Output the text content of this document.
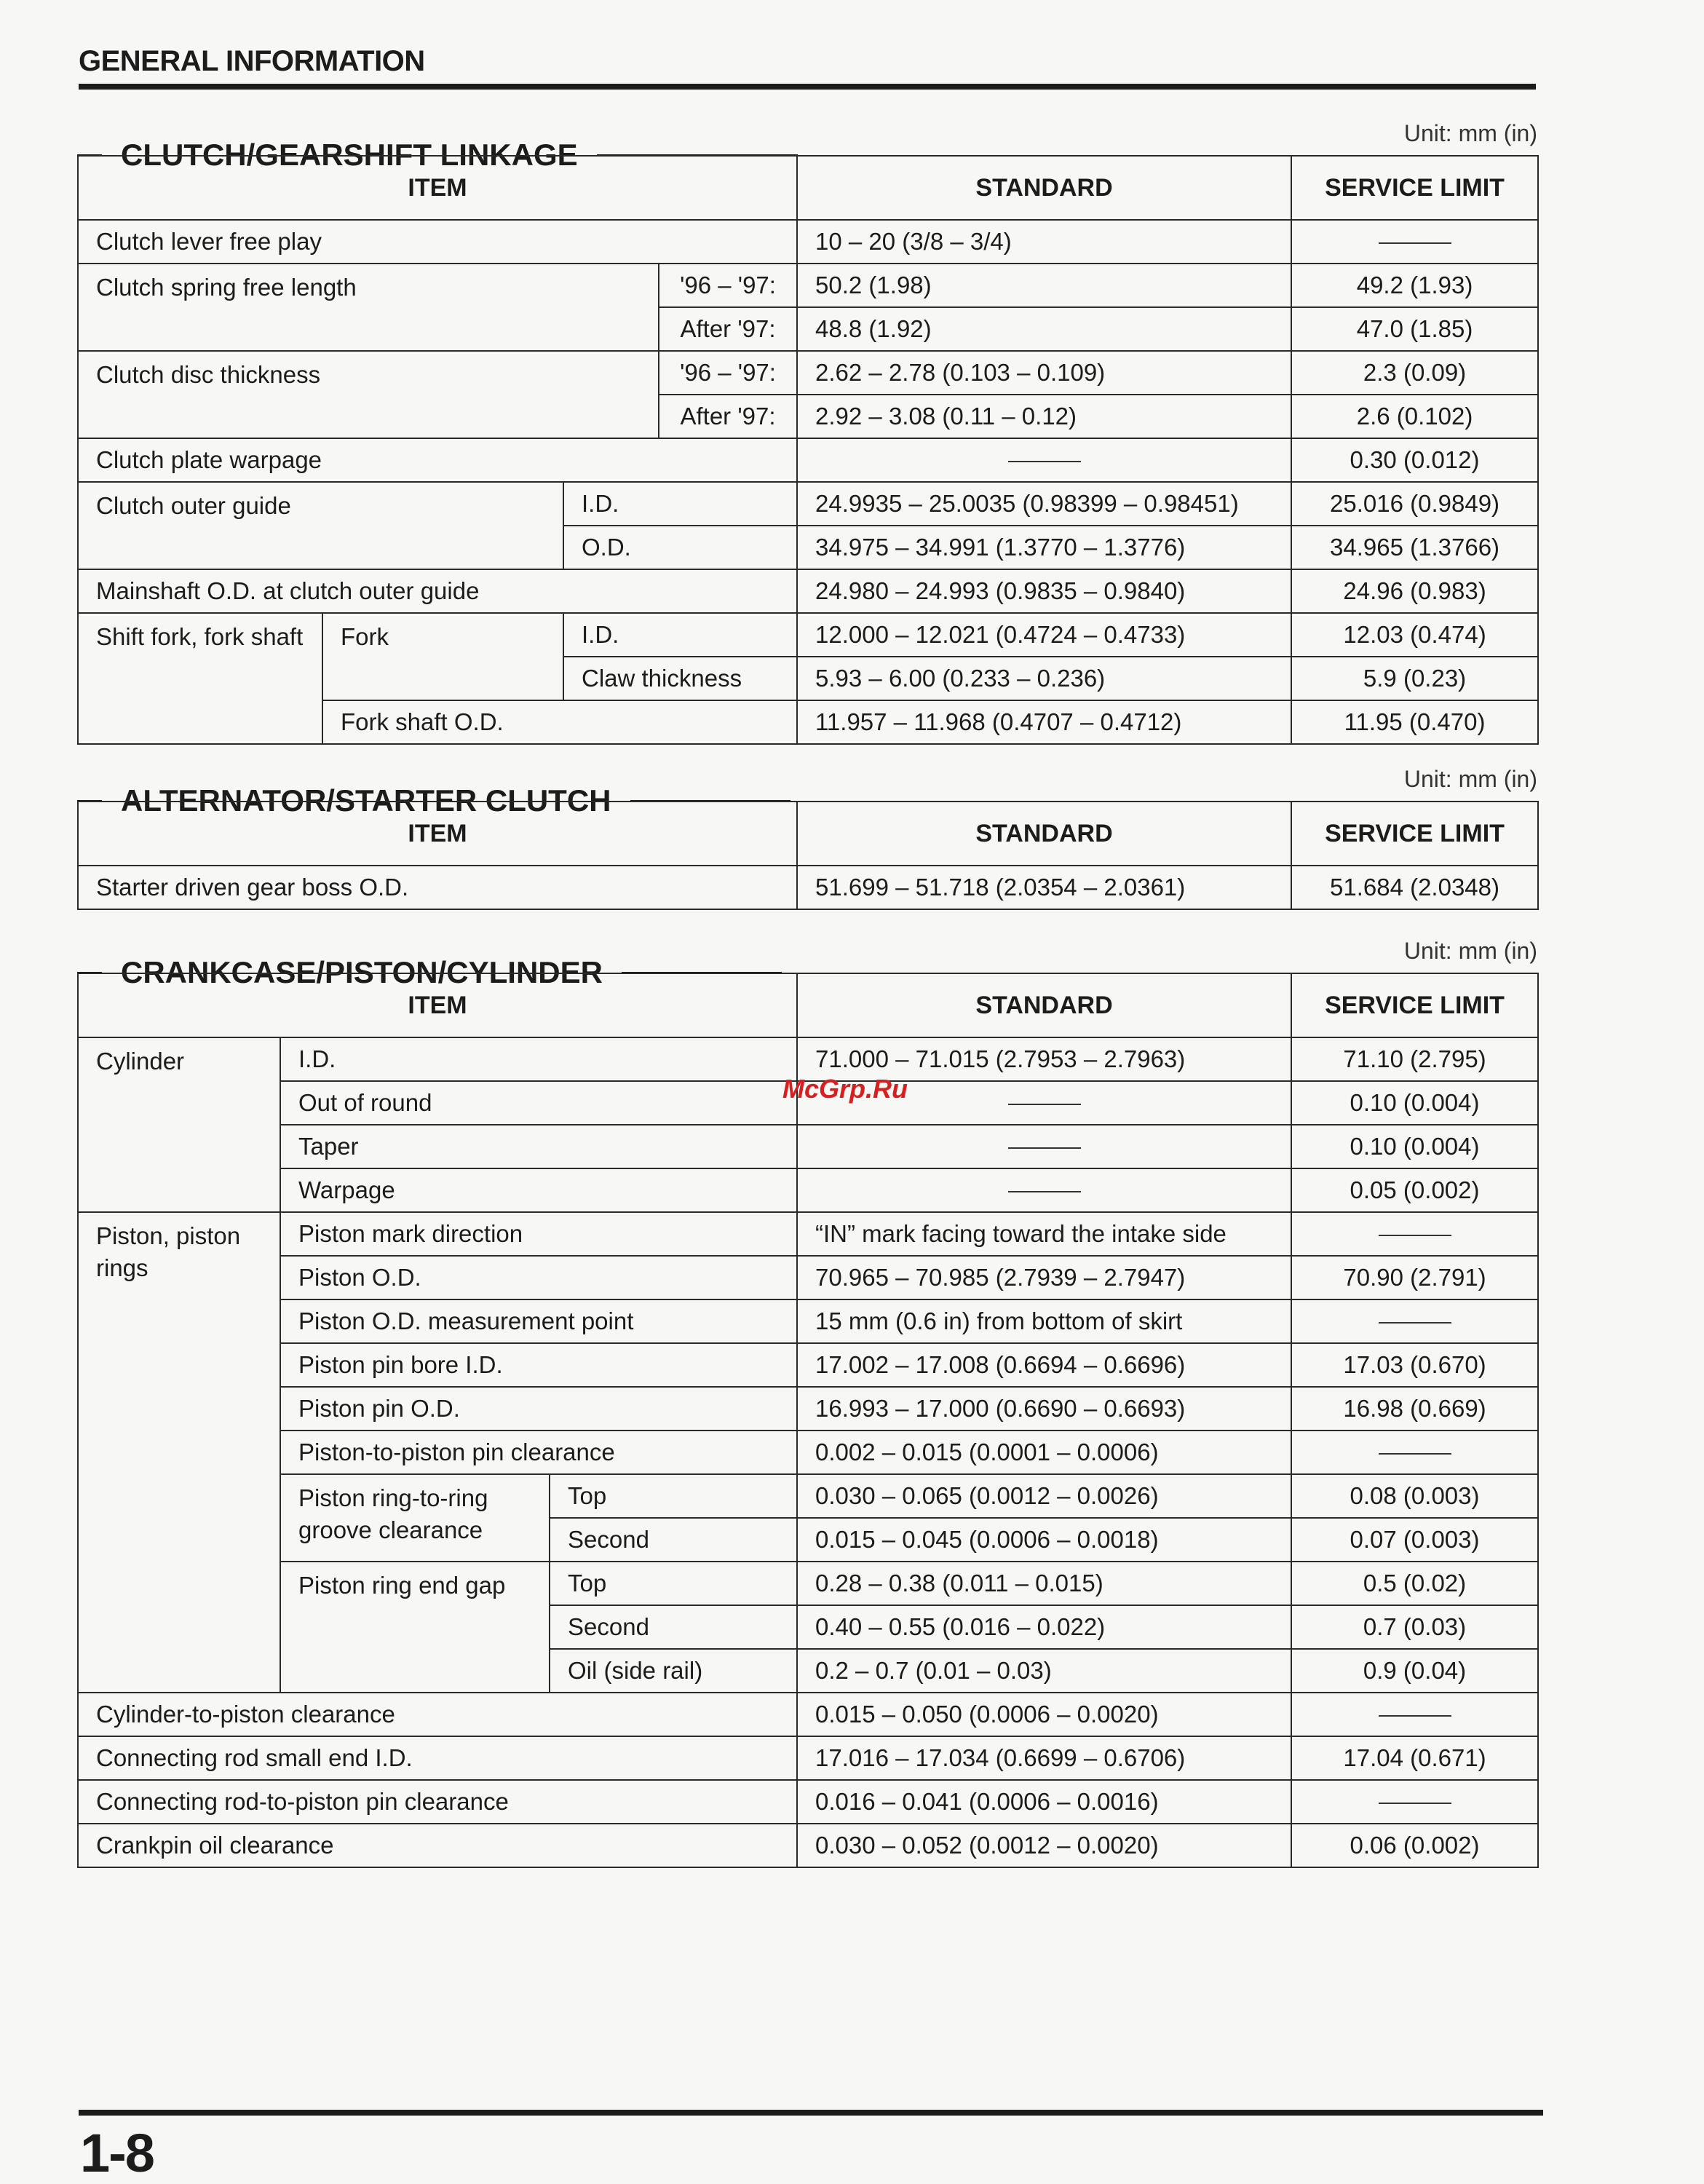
GENERAL INFORMATION
Unit: mm (in)
CLUTCH/GEARSHIFT LINKAGE
ITEM				STANDARD	SERVICE LIMIT
Clutch lever free play				10 – 20 (3/8 – 3/4)	
Clutch spring free length			'96 – '97:	50.2 (1.98)	49.2 (1.93)
			After '97:	48.8 (1.92)	47.0 (1.85)
Clutch disc thickness			'96 – '97:	2.62 – 2.78 (0.103 – 0.109)	2.3 (0.09)
			After '97:	2.92 – 3.08 (0.11 – 0.12)	2.6 (0.102)
Clutch plate warpage					0.30 (0.012)
Clutch outer guide		I.D.		24.9935 – 25.0035 (0.98399 – 0.98451)	25.016 (0.9849)
		O.D.		34.975 – 34.991 (1.3770 – 1.3776)	34.965 (1.3766)
Mainshaft O.D. at clutch outer guide				24.980 – 24.993 (0.9835 – 0.9840)	24.96 (0.983)
Shift fork, fork shaft	Fork	I.D.		12.000 – 12.021 (0.4724 – 0.4733)	12.03 (0.474)
		Claw thickness		5.93 – 6.00 (0.233 – 0.236)	5.9 (0.23)
	Fork shaft O.D.			11.957 – 11.968 (0.4707 – 0.4712)	11.95 (0.470)
Unit: mm (in)
ALTERNATOR/STARTER CLUTCH
ITEM	STANDARD	SERVICE LIMIT
Starter driven gear boss O.D.	51.699 – 51.718 (2.0354 – 2.0361)	51.684 (2.0348)
Unit: mm (in)
CRANKCASE/PISTON/CYLINDER
ITEM			STANDARD	SERVICE LIMIT
Cylinder	I.D.		71.000 – 71.015 (2.7953 – 2.7963)	71.10 (2.795)
	Out of round			0.10 (0.004)
	Taper			0.10 (0.004)
	Warpage			0.05 (0.002)
Piston, piston rings	Piston mark direction		“IN” mark facing toward the intake side	
	Piston O.D.		70.965 – 70.985 (2.7939 – 2.7947)	70.90 (2.791)
	Piston O.D. measurement point		15 mm (0.6 in) from bottom of skirt	
	Piston pin bore I.D.		17.002 – 17.008 (0.6694 – 0.6696)	17.03 (0.670)
	Piston pin O.D.		16.993 – 17.000 (0.6690 – 0.6693)	16.98 (0.669)
	Piston-to-piston pin clearance		0.002 – 0.015 (0.0001 – 0.0006)	
	Piston ring-to-ring groove clearance	Top	0.030 – 0.065 (0.0012 – 0.0026)	0.08 (0.003)
		Second	0.015 – 0.045 (0.0006 – 0.0018)	0.07 (0.003)
	Piston ring end gap	Top	0.28 – 0.38 (0.011 – 0.015)	0.5 (0.02)
		Second	0.40 – 0.55 (0.016 – 0.022)	0.7 (0.03)
		Oil (side rail)	0.2 – 0.7 (0.01 – 0.03)	0.9 (0.04)
Cylinder-to-piston clearance			0.015 – 0.050 (0.0006 – 0.0020)	
Connecting rod small end I.D.			17.016 – 17.034 (0.6699 – 0.6706)	17.04 (0.671)
Connecting rod-to-piston pin clearance			0.016 – 0.041 (0.0006 – 0.0016)	
Crankpin oil clearance			0.030 – 0.052 (0.0012 – 0.0020)	0.06 (0.002)
McGrp.Ru
1-8
